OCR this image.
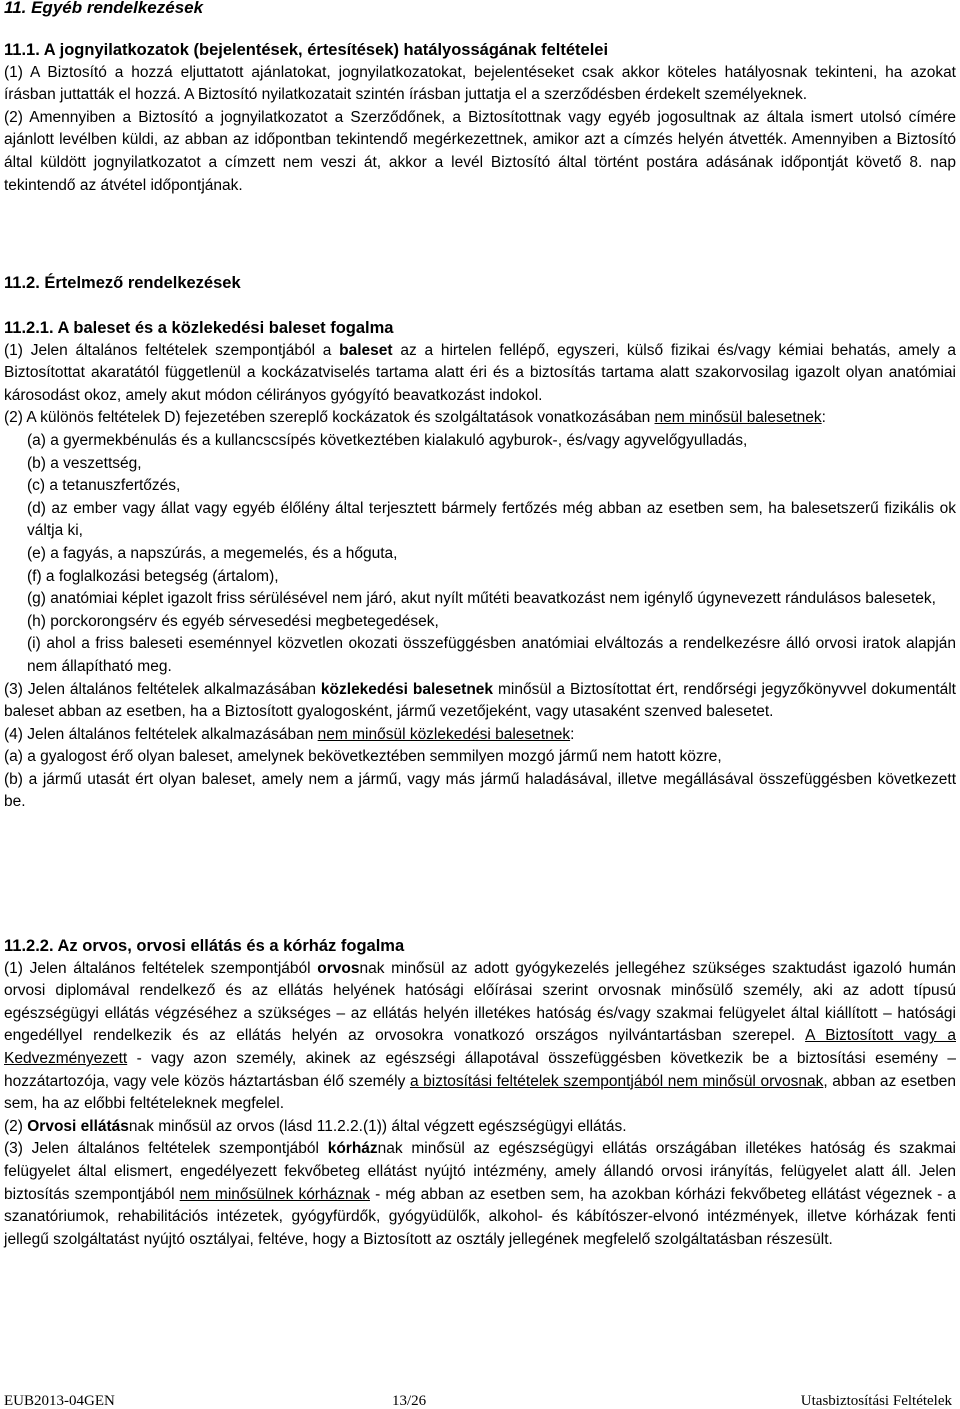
11. Egyéb rendelkezések
11.1. A jognyilatkozatok (bejelentések, értesítések) hatályosságának feltételei

(1) A Biztosító a hozzá eljuttatott ajánlatokat, jognyilatkozatokat, bejelentéseket csak akkor köteles hatályosnak tekinteni, ha azokat írásban juttatták el hozzá. A Biztosító nyilatkozatait szintén írásban juttatja el a szerződésben érdekelt személyeknek.

(2) Amennyiben a Biztosító a jognyilatkozatot a Szerződőnek, a Biztosítottnak vagy egyéb jogosultnak az általa ismert utolsó címére ajánlott levélben küldi, az abban az időpontban tekintendő megérkezettnek, amikor azt a címzés helyén átvették. Amennyiben a Biztosító által küldött jognyilatkozatot a címzett nem veszi át, akkor a levél Biztosító által történt postára adásának időpontját követő 8. nap tekintendő az átvétel időpontjának.

11.2. Értelmező rendelkezések
11.2.1. A baleset és a közlekedési baleset fogalma

(1) Jelen általános feltételek szempontjából a baleset az a hirtelen fellépő, egyszeri, külső fizikai és/vagy kémiai behatás, amely a Biztosítottat akaratától függetlenül a kockázatviselés tartama alatt éri és a biztosítás tartama alatt szakorvosilag igazolt olyan anatómiai károsodást okoz, amely akut módon célirányos gyógyító beavatkozást indokol.

(2) A különös feltételek D) fejezetében szereplő kockázatok és szolgáltatások vonatkozásában nem minősül balesetnek:

(a) a gyermekbénulás és a kullancscsípés következtében kialakuló agyburok-, és/vagy agyvelőgyulladás,

(b) a veszettség,

(c) a tetanuszfertőzés,

(d) az ember vagy állat vagy egyéb élőlény által terjesztett bármely fertőzés még abban az esetben sem, ha balesetszerű fizikális ok váltja ki,

(e) a fagyás, a napszúrás, a megemelés, és a hőguta,

(f) a foglalkozási betegség (ártalom),

(g) anatómiai képlet igazolt friss sérülésével nem járó, akut nyílt műtéti beavatkozást nem igénylő úgynevezett rándulásos balesetek,

(h) porckorongsérv és egyéb sérvesedési megbetegedések,

(i) ahol a friss baleseti eseménnyel közvetlen okozati összefüggésben anatómiai elváltozás a rendelkezésre álló orvosi iratok alapján nem állapítható meg.

(3) Jelen általános feltételek alkalmazásában közlekedési balesetnek minősül a Biztosítottat ért, rendőrségi jegyzőkönyvvel dokumentált baleset abban az esetben, ha a Biztosított gyalogosként, jármű vezetőjeként, vagy utasaként szenved balesetet.

(4) Jelen általános feltételek alkalmazásában nem minősül közlekedési balesetnek:

(a) a gyalogost érő olyan baleset, amelynek bekövetkeztében semmilyen mozgó jármű nem hatott közre,

(b) a jármű utasát ért olyan baleset, amely nem a jármű, vagy más jármű haladásával, illetve megállásával összefüggésben következett be.

11.2.2. Az orvos, orvosi ellátás és a kórház fogalma

(1) Jelen általános feltételek szempontjából orvosnak minősül az adott gyógykezelés jellegéhez szükséges szaktudást igazoló humán orvosi diplomával rendelkező és az ellátás helyének hatósági előírásai szerint orvosnak minősülő személy, aki az adott típusú egészségügyi ellátás végzéséhez a szükséges – az ellátás helyén illetékes hatóság és/vagy szakmai felügyelet által kiállított – hatósági engedéllyel rendelkezik és az ellátás helyén az orvosokra vonatkozó országos nyilvántartásban szerepel. A Biztosított vagy a Kedvezményezett - vagy azon személy, akinek az egészségi állapotával összefüggésben következik be a biztosítási esemény – hozzátartozója, vagy vele közös háztartásban élő személy a biztosítási feltételek szempontjából nem minősül orvosnak, abban az esetben sem, ha az előbbi feltételeknek megfelel.

(2) Orvosi ellátásnak minősül az orvos (lásd 11.2.2.(1)) által végzett egészségügyi ellátás.

(3) Jelen általános feltételek szempontjából kórháznak minősül az egészségügyi ellátás országában illetékes hatóság és szakmai felügyelet által elismert, engedélyezett fekvőbeteg ellátást nyújtó intézmény, amely állandó orvosi irányítás, felügyelet alatt áll. Jelen biztosítás szempontjából nem minősülnek kórháznak - még abban az esetben sem, ha azokban kórházi fekvőbeteg ellátást végeznek - a szanatóriumok, rehabilitációs intézetek, gyógyfürdők, gyógyüdülők, alkohol- és kábítószer-elvonó intézmények, illetve kórházak fenti jellegű szolgáltatást nyújtó osztályai, feltéve, hogy a Biztosított az osztály jellegének megfelelő szolgáltatásban részesült.

EUB2013-04GEN	13/26	Utasbiztosítási Feltételek
